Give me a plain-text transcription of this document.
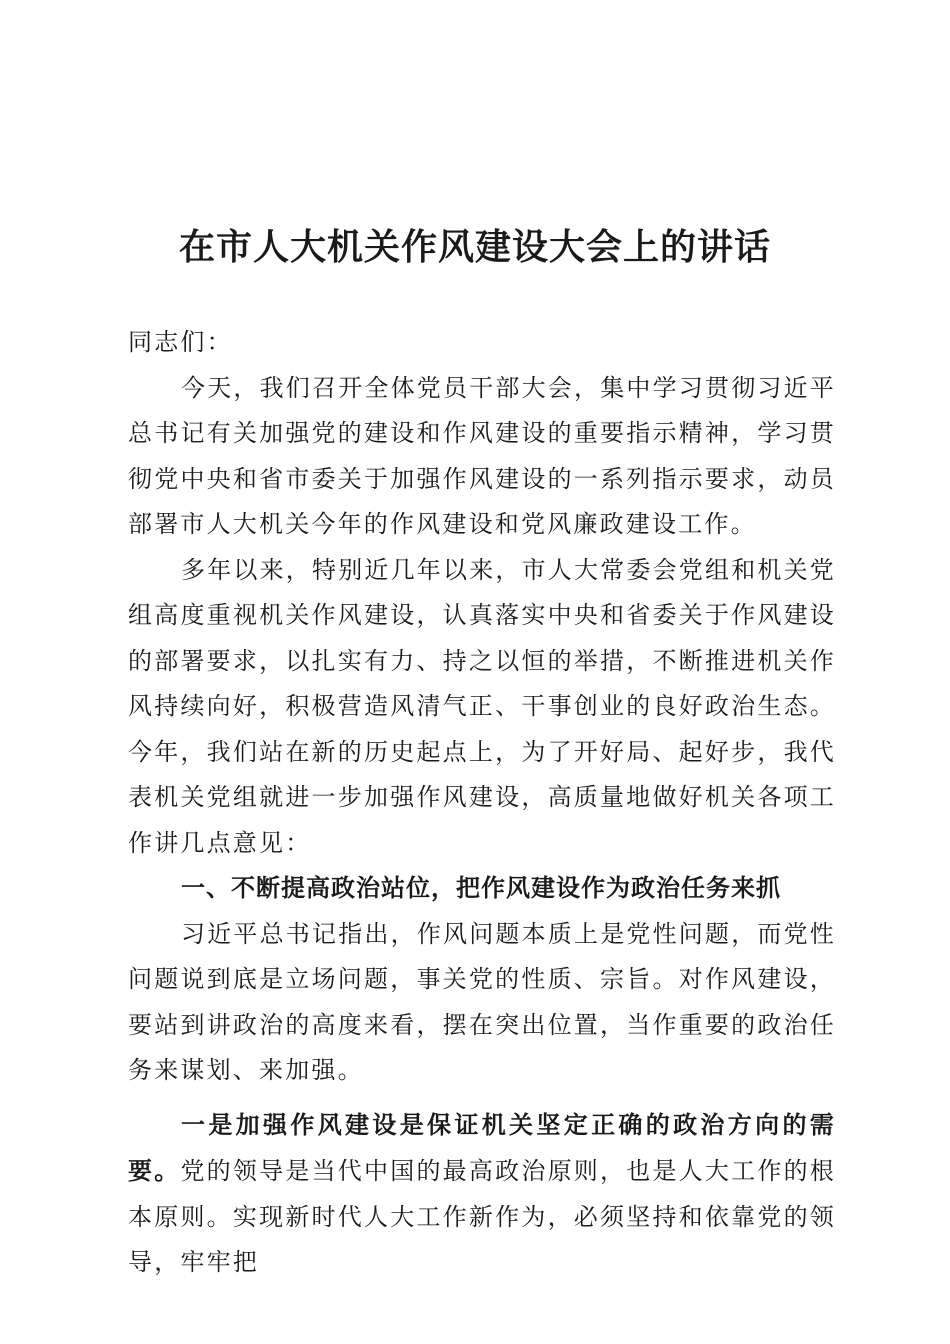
在市人大机关作风建设大会上的讲话

同志们：

今天，我们召开全体党员干部大会，集中学习贯彻习近平总书记有关加强党的建设和作风建设的重要指示精神，学习贯彻党中央和省市委关于加强作风建设的一系列指示要求，动员部署市人大机关今年的作风建设和党风廉政建设工作。

多年以来，特别近几年以来，市人大常委会党组和机关党组高度重视机关作风建设，认真落实中央和省委关于作风建设的部署要求，以扎实有力、持之以恒的举措，不断推进机关作风持续向好，积极营造风清气正、干事创业的良好政治生态。今年，我们站在新的历史起点上，为了开好局、起好步，我代表机关党组就进一步加强作风建设，高质量地做好机关各项工作讲几点意见：

一、不断提高政治站位，把作风建设作为政治任务来抓

习近平总书记指出，作风问题本质上是党性问题，而党性问题说到底是立场问题，事关党的性质、宗旨。对作风建设，要站到讲政治的高度来看，摆在突出位置，当作重要的政治任务来谋划、来加强。

一是加强作风建设是保证机关坚定正确的政治方向的需要。党的领导是当代中国的最高政治原则，也是人大工作的根本原则。实现新时代人大工作新作为，必须坚持和依靠党的领导，牢牢把
